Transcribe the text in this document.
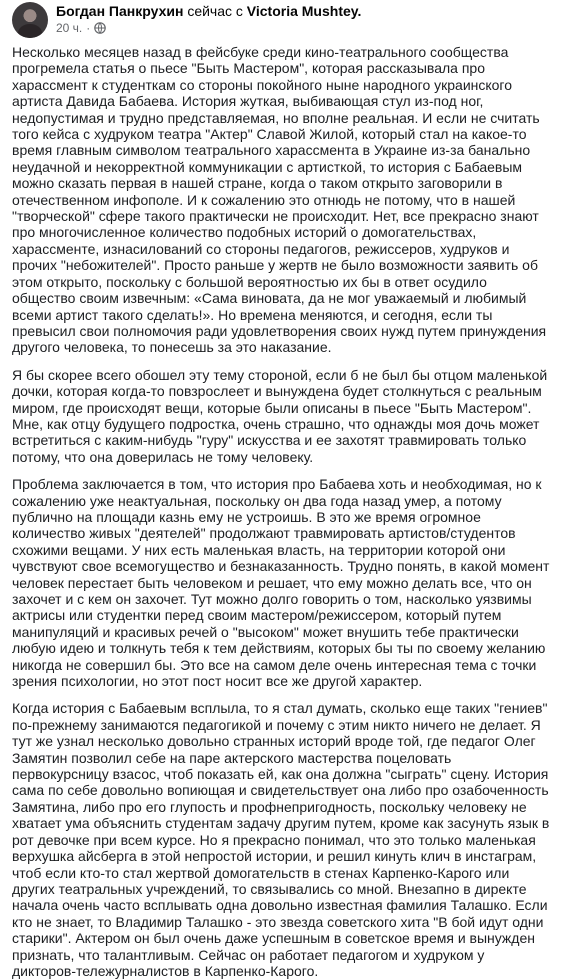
Богдан Панкрухин сейчас с Victoria Mushtey.
20 ч. ·

Несколько месяцев назад в фейсбуке среди кино-театрального сообщества прогремела статья о пьесе "Быть Мастером", которая рассказывала про харассмент к студенткам со стороны покойного ныне народного украинского артиста Давида Бабаева. История жуткая, выбивающая стул из-под ног, недопустимая и трудно представляемая, но вполне реальная. И если не считать того кейса с худруком театра "Актер" Славой Жилой, который стал на какое-то время главным символом театрального харассмента в Украине из-за банально неудачной и некорректной коммуникации с артисткой, то история с Бабаевым можно сказать первая в нашей стране, когда о таком открыто заговорили в отечественном инфополе. И к сожалению это отнюдь не потому, что в нашей "творческой" сфере такого практически не происходит. Нет, все прекрасно знают про многочисленное количество подобных историй о домогательствах, харассменте, изнасилований со стороны педагогов, режиссеров, худруков и прочих "небожителей". Просто раньше у жертв не было возможности заявить об этом открыто, поскольку с большой вероятностью их бы в ответ осудило общество своим извечным: «Сама виновата, да не мог уважаемый и любимый всеми артист такого сделать!». Но времена меняются, и сегодня, если ты превысил свои полномочия ради удовлетворения своих нужд путем принуждения другого человека, то понесешь за это наказание.

Я бы скорее всего обошел эту тему стороной, если б не был бы отцом маленькой дочки, которая когда-то повзрослеет и вынуждена будет столкнуться с реальным миром, где происходят вещи, которые были описаны в пьесе "Быть Мастером". Мне, как отцу будущего подростка, очень страшно, что однажды моя дочь может встретиться с каким-нибудь "гуру" искусства и ее захотят травмировать только потому, что она доверилась не тому человеку.

Проблема заключается в том, что история про Бабаева хоть и необходимая, но к сожалению уже неактуальная, поскольку он два года назад умер, а потому публично на площади казнь ему не устроишь. В это же время огромное количество живых "деятелей" продолжают травмировать артистов/студентов схожими вещами. У них есть маленькая власть, на территории которой они чувствуют свое всемогущество и безнаказанность. Трудно понять, в какой момент человек перестает быть человеком и решает, что ему можно делать все, что он захочет и с кем он захочет. Тут можно долго говорить о том, насколько уязвимы актрисы или студентки перед своим мастером/режиссером, который путем манипуляций и красивых речей о "высоком" может внушить тебе практически любую идею и толкнуть тебя к тем действиям, которых бы ты по своему желанию никогда не совершил бы. Это все на самом деле очень интересная тема с точки зрения психологии, но этот пост носит все же другой характер.

Когда история с Бабаевым всплыла, то я стал думать, сколько еще таких "гениев" по-прежнему занимаются педагогикой и почему с этим никто ничего не делает. Я тут же узнал несколько довольно странных историй вроде той, где педагог Олег Замятин позволил себе на паре актерского мастерства поцеловать первокурсницу взасос, чтоб показать ей, как она должна "сыграть" сцену. История сама по себе довольно вопиющая и свидетельствует она либо про озабоченность Замятина, либо про его глупость и профнепригодность, поскольку человеку не хватает ума объяснить студентам задачу другим путем, кроме как засунуть язык в рот девочке при всем курсе. Но я прекрасно понимал, что это только маленькая верхушка айсберга в этой непростой истории, и решил кинуть клич в инстаграм, чтоб если кто-то стал жертвой домогательств в стенах Карпенко-Карого или других театральных учреждений, то связывались со мной. Внезапно в директе начала очень часто всплывать одна довольно известная фамилия Талашко. Если кто не знает, то Владимир Талашко - это звезда советского хита "В бой идут одни старики". Актером он был очень даже успешным в советское время и вынужден признать, что талантливым. Сейчас он работает педагогом и худруком у дикторов-тележурналистов в Карпенко-Карого.
